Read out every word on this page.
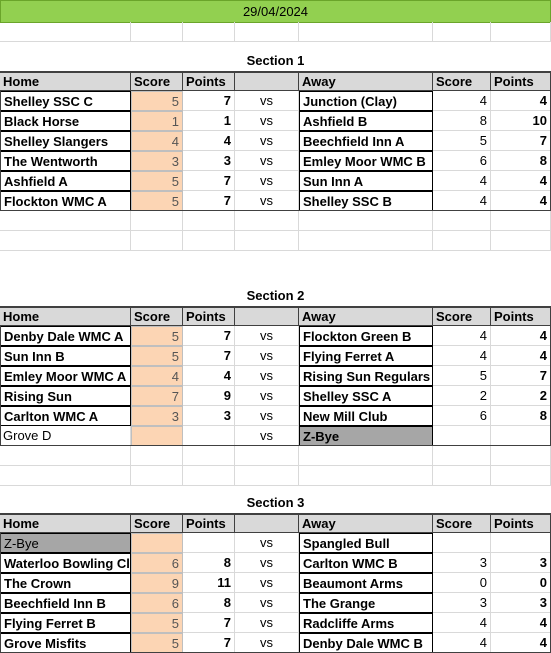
29/04/2024
Section 1
Home	Score	Points	Away	Score	Points
Shelley SSC C	5	7	vs	Junction (Clay)	4	4
Black Horse	1	1	vs	Ashfield B	8	10
Shelley Slangers	4	4	vs	Beechfield Inn A	5	7
The Wentworth	3	3	vs	Emley Moor WMC B	6	8
Ashfield A	5	7	vs	Sun Inn A	4	4
Flockton WMC A	5	7	vs	Shelley SSC B	4	4
Section 2
Home	Score	Points	Away	Score	Points
Denby Dale WMC A	5	7	vs	Flockton Green B	4	4
Sun Inn B	5	7	vs	Flying Ferret A	4	4
Emley Moor WMC A	4	4	vs	Rising Sun Regulars	5	7
Rising Sun	7	9	vs	Shelley SSC A	2	2
Carlton WMC A	3	3	vs	New Mill Club	6	8
Grove D	vs	Z-Bye
Section 3
Home	Score	Points	Away	Score	Points
Z-Bye	vs	Spangled Bull
Waterloo Bowling Cl	6	8	vs	Carlton WMC B	3	3
The Crown	9	11	vs	Beaumont Arms	0	0
Beechfield Inn B	6	8	vs	The Grange	3	3
Flying Ferret B	5	7	vs	Radcliffe Arms	4	4
Grove Misfits	5	7	vs	Denby Dale WMC B	4	4
